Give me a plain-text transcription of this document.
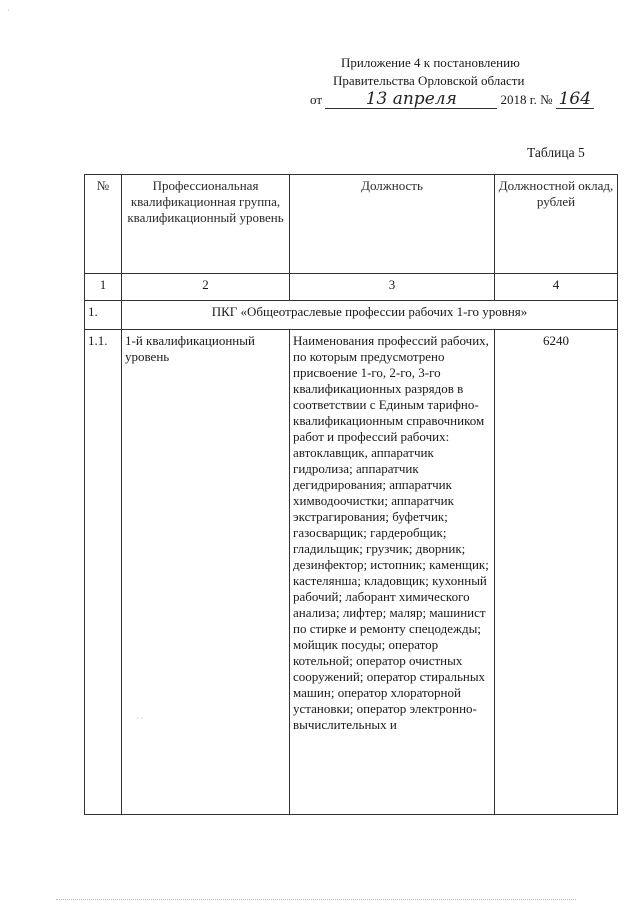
Приложение 4 к постановлению
Правительства Орловской области
от	13 апреля	2018 г. № 164
Таблица 5
№	Профессиональная квалификационная группа, квалификационный уровень	Должность	Должностной оклад, рублей
1	2	3	4
1.	ПКГ «Общеотраслевые профессии рабочих 1-го уровня»		
1.1.	1-й квалификационный уровень	Наименования профессий рабочих, по которым предусмотрено присвоение 1-го, 2-го, 3-го квалификационных разрядов в соответствии с Единым тарифно-квалификационным справочником работ и профессий рабочих: автоклавщик, аппаратчик гидролиза; аппаратчик дегидрирования; аппаратчик химводоочистки; аппаратчик экстрагирования; буфетчик; газосварщик; гардеробщик; гладильщик; грузчик; дворник; дезинфектор; истопник; каменщик; кастелянша; кладовщик; кухонный рабочий; лаборант химического анализа; лифтер; маляр; машинист по стирке и ремонту спецодежды; мойщик посуды; оператор котельной; оператор очистных сооружений; оператор стиральных машин; оператор хлораторной установки; оператор электронно-вычислительных и	6240
· ·
·
